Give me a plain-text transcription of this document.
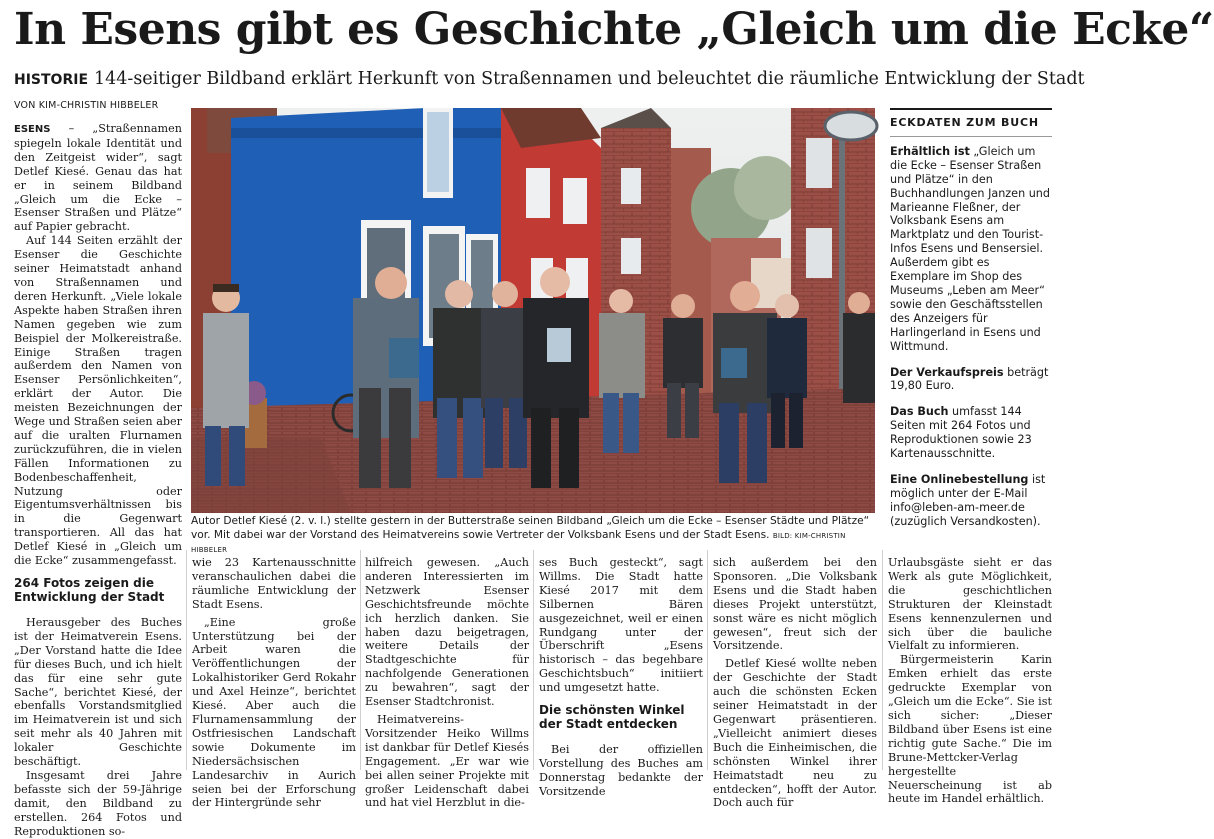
In Esens gibt es Geschichte „Gleich um die Ecke“
HISTORIE 144-seitiger Bildband erklärt Herkunft von Straßennamen und beleuchtet die räumliche Entwicklung der Stadt
VON KIM-CHRISTIN HIBBELER

ESENS – „Straßennamen spiegeln lokale Identität und den Zeitgeist wider“, sagt Detlef Kiesé. Genau das hat er in seinem Bildband „Gleich um die Ecke – Esenser Straßen und Plätze“ auf Papier gebracht.

Auf 144 Seiten erzählt der Esenser die Geschichte seiner Heimatstadt anhand von Straßennamen und deren Herkunft. „Viele lokale Aspekte haben Straßen ihren Namen gegeben wie zum Beispiel der Molkereistraße. Einige Straßen tragen außerdem den Namen von Esenser Persönlichkeiten“, erklärt der Autor. Die meisten Bezeichnungen der Wege und Straßen seien aber auf die uralten Flurnamen zurückzuführen, die in vielen Fällen Informationen zu Bodenbeschaffenheit, Nutzung oder Eigentumsverhältnissen bis in die Gegenwart transportieren. All das hat Detlef Kiesé in „Gleich um die Ecke“ zusammengefasst.

264 Fotos zeigen die Entwicklung der Stadt

Herausgeber des Buches ist der Heimatverein Esens. „Der Vorstand hatte die Idee für dieses Buch, und ich hielt das für eine sehr gute Sache“, berichtet Kiesé, der ebenfalls Vorstandsmitglied im Heimatverein ist und sich seit mehr als 40 Jahren mit lokaler Geschichte beschäftigt.

Insgesamt drei Jahre befasste sich der 59-Jährige damit, den Bildband zu erstellen. 264 Fotos und Reproduktionen so-

Autor Detlef Kiesé (2. v. l.) stellte gestern in der Butterstraße seinen Bildband „Gleich um die Ecke – Esenser Städte und Plätze“ vor. Mit dabei war der Vorstand des Heimatvereins sowie Vertreter der Volksbank Esens und der Stadt Esens. BILD: KIM-CHRISTIN HIBBELER
ECKDATEN ZUM BUCH

Erhältlich ist „Gleich um die Ecke – Esenser Straßen und Plätze“ in den Buchhandlungen Janzen und Marieanne Fleßner, der Volksbank Esens am Marktplatz und den Tourist-Infos Esens und Bensersiel. Außerdem gibt es Exemplare im Shop des Museums „Leben am Meer“ sowie den Geschäftsstellen des Anzeigers für Harlingerland in Esens und Wittmund.

Der Verkaufspreis beträgt 19,80 Euro.

Das Buch umfasst 144 Seiten mit 264 Fotos und Reproduktionen sowie 23 Kartenausschnitte.

Eine Onlinebestellung ist möglich unter der E-Mail info@leben-am-meer.de (zuzüglich Versandkosten).

wie 23 Kartenausschnitte veranschaulichen dabei die räumliche Entwicklung der Stadt Esens.

„Eine große Unterstützung bei der Arbeit waren die Veröffentlichungen der Lokalhistoriker Gerd Rokahr und Axel Heinze“, berichtet Kiesé. Aber auch die Flurnamensammlung der Ostfriesischen Landschaft sowie Dokumente im Niedersächsischen Landesarchiv in Aurich seien bei der Erforschung der Hintergründe sehr

hilfreich gewesen. „Auch anderen Interessierten im Netzwerk Esenser Geschichtsfreunde möchte ich herzlich danken. Sie haben dazu beigetragen, weitere Details der Stadtgeschichte für nachfolgende Generationen zu bewahren“, sagt der Esenser Stadtchronist.

Heimatvereins-Vorsitzender Heiko Willms ist dankbar für Detlef Kiesés Engagement. „Er war wie bei allen seiner Projekte mit großer Leidenschaft dabei und hat viel Herzblut in die-

ses Buch gesteckt“, sagt Willms. Die Stadt hatte Kiesé 2017 mit dem Silbernen Bären ausgezeichnet, weil er einen Rundgang unter der Überschrift „Esens historisch – das begehbare Geschichtsbuch“ initiiert und umgesetzt hatte.

Die schönsten Winkel der Stadt entdecken

Bei der offiziellen Vorstellung des Buches am Donnerstag bedankte der Vorsitzende

sich außerdem bei den Sponsoren. „Die Volksbank Esens und die Stadt haben dieses Projekt unterstützt, sonst wäre es nicht möglich gewesen“, freut sich der Vorsitzende.

Detlef Kiesé wollte neben der Geschichte der Stadt auch die schönsten Ecken seiner Heimatstadt in der Gegenwart präsentieren. „Vielleicht animiert dieses Buch die Einheimischen, die schönsten Winkel ihrer Heimatstadt neu zu entdecken“, hofft der Autor. Doch auch für

Urlaubsgäste sieht er das Werk als gute Möglichkeit, die geschichtlichen Strukturen der Kleinstadt Esens kennenzulernen und sich über die bauliche Vielfalt zu informieren.

Bürgermeisterin Karin Emken erhielt das erste gedruckte Exemplar von „Gleich um die Ecke“. Sie ist sich sicher: „Dieser Bildband über Esens ist eine richtig gute Sache.“ Die im Brune-Mettcker-Verlag hergestellte Neuerscheinung ist ab heute im Handel erhältlich.
